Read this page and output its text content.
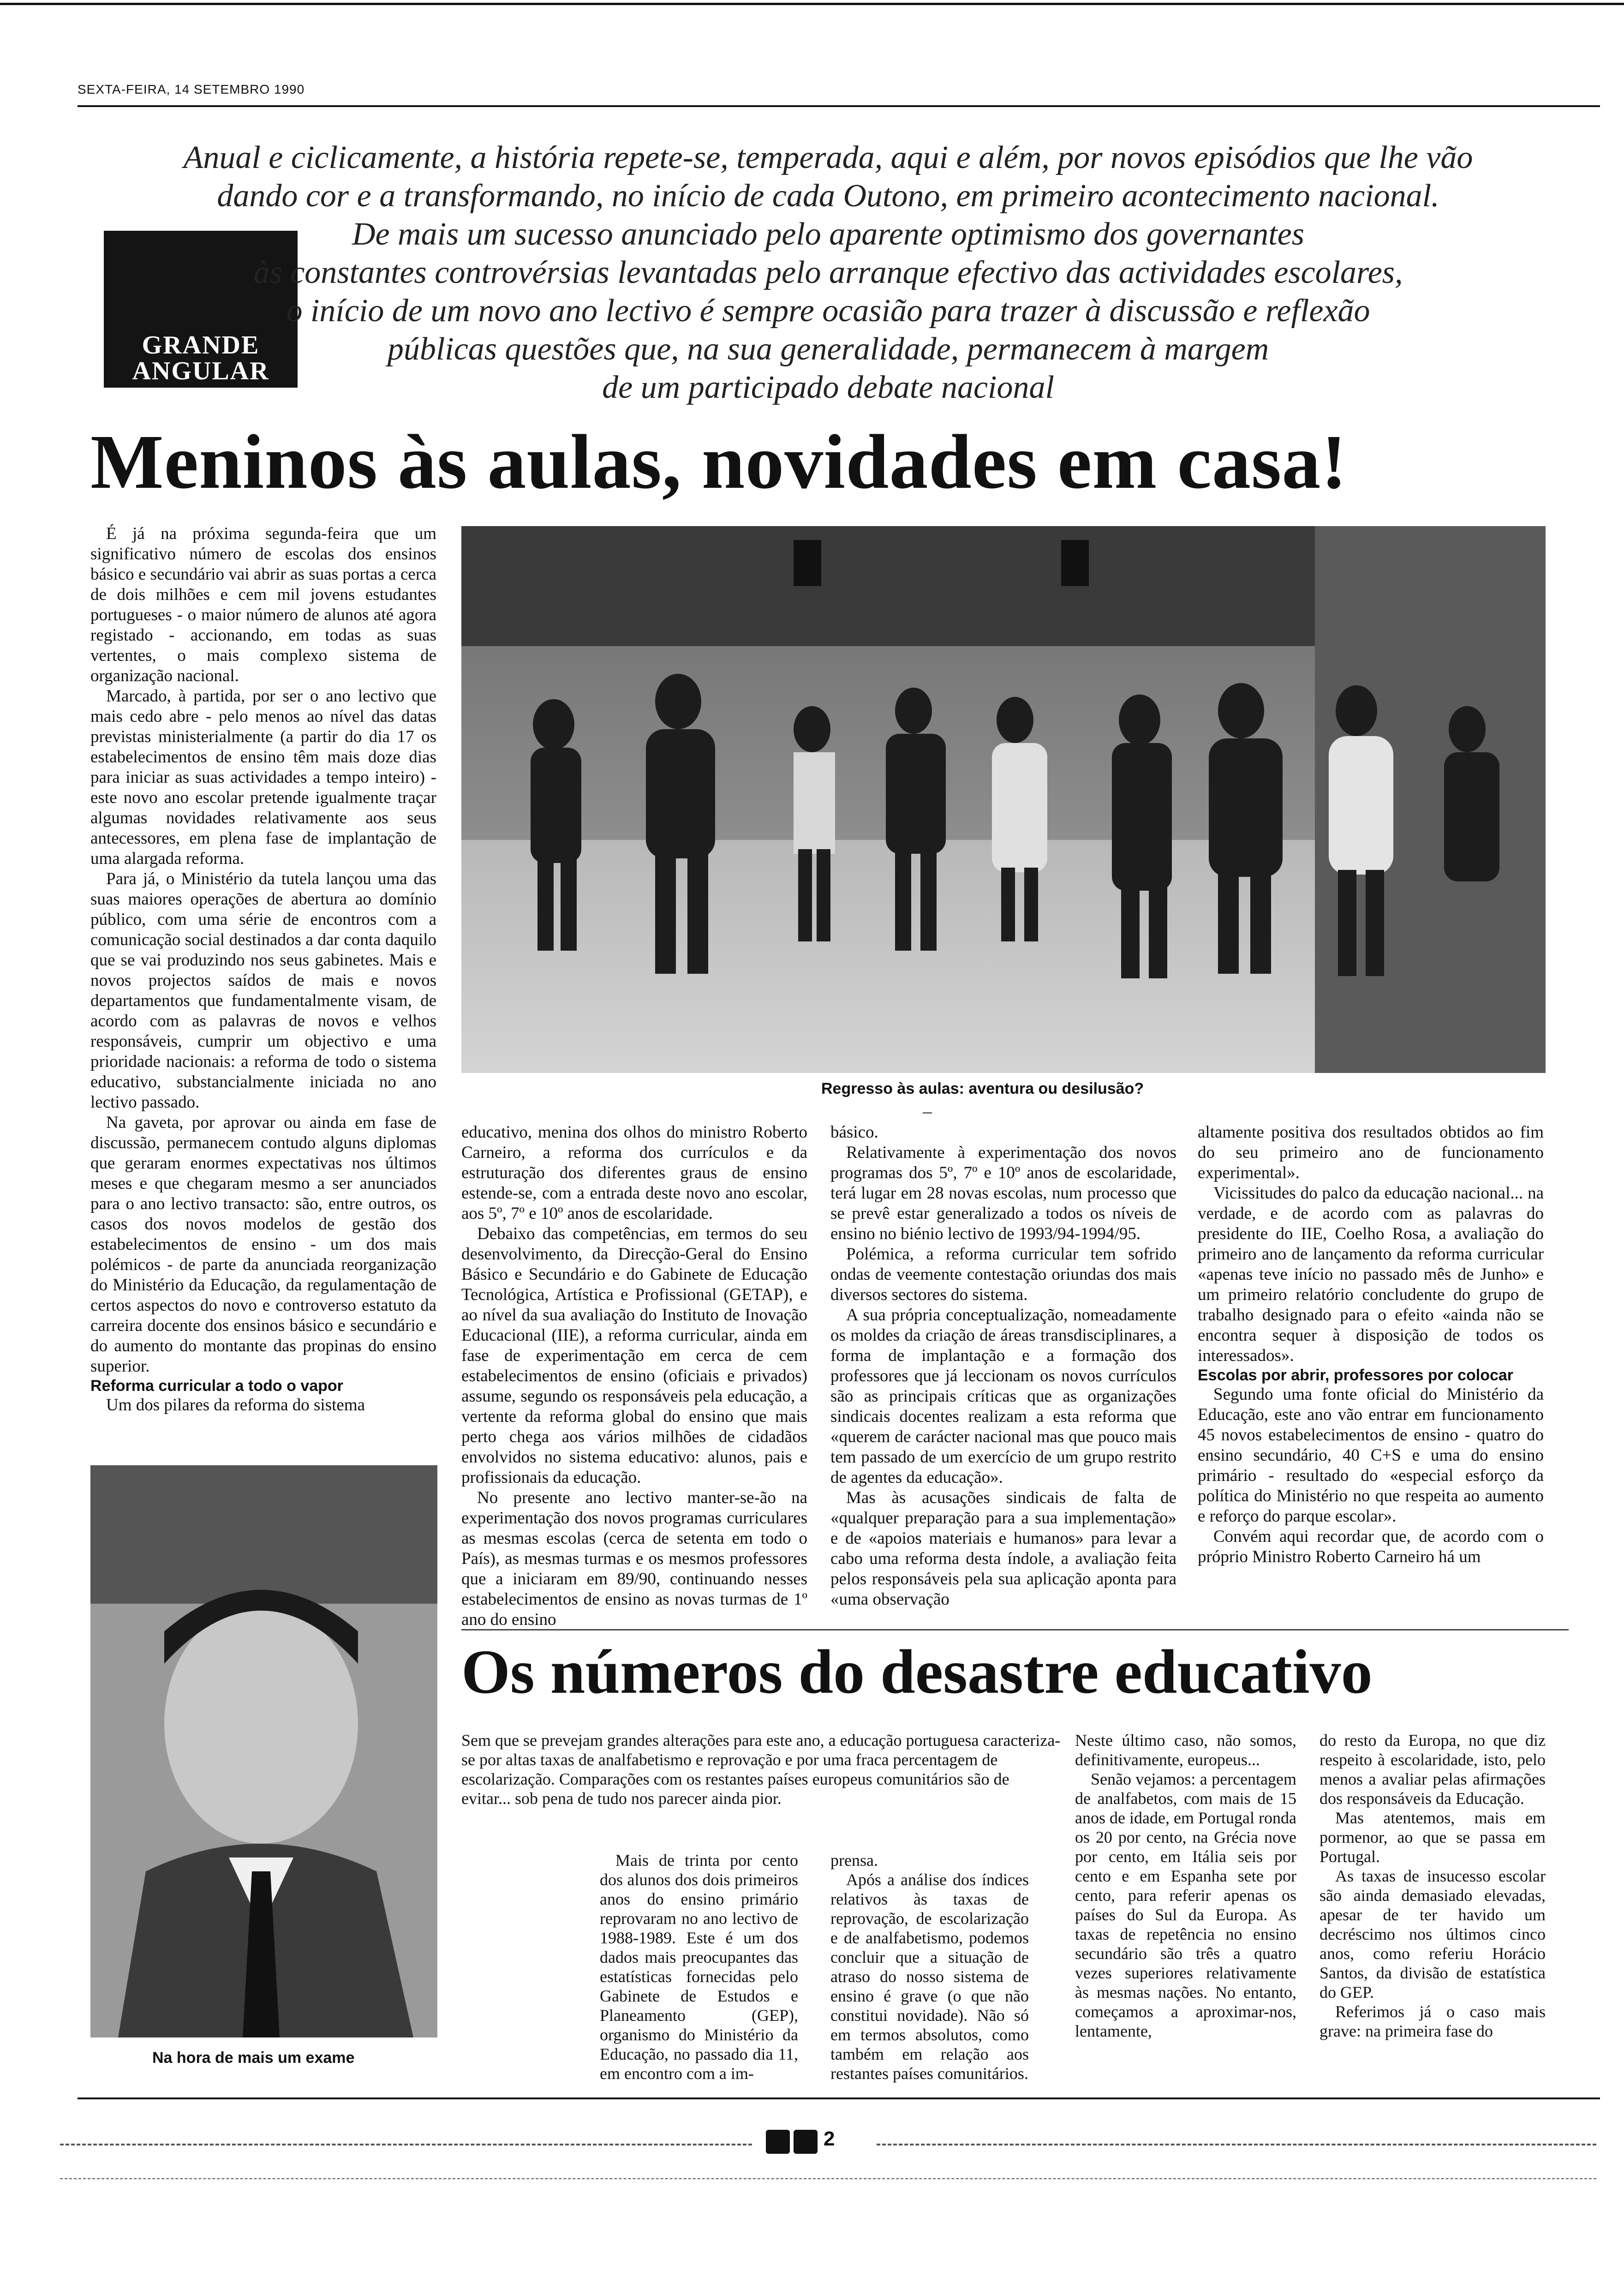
SEXTA-FEIRA, 14 SETEMBRO 1990
GRANDE
ANGULAR
Anual e ciclicamente, a história repete-se, temperada, aqui e além, por novos episódios que lhe vão
dando cor e a transformando, no início de cada Outono, em primeiro acontecimento nacional.
De mais um sucesso anunciado pelo aparente optimismo dos governantes
às constantes controvérsias levantadas pelo arranque efectivo das actividades escolares,
o início de um novo ano lectivo é sempre ocasião para trazer à discussão e reflexão
públicas questões que, na sua generalidade, permanecem à margem
de um participado debate nacional
Meninos às aulas, novidades em casa!
Regresso às aulas: aventura ou desilusão?

É já na próxima segunda-feira que um significativo número de escolas dos ensinos básico e secundário vai abrir as suas portas a cerca de dois milhões e cem mil jovens estudantes portugueses - o maior número de alunos até agora registado - accionando, em todas as suas vertentes, o mais complexo sistema de organização nacional.

Marcado, à partida, por ser o ano lectivo que mais cedo abre - pelo menos ao nível das datas previstas ministerialmente (a partir do dia 17 os estabelecimentos de ensino têm mais doze dias para iniciar as suas actividades a tempo inteiro) - este novo ano escolar pretende igualmente traçar algumas novidades relativamente aos seus antecessores, em plena fase de implantação de uma alargada reforma.

Para já, o Ministério da tutela lançou uma das suas maiores operações de abertura ao domínio público, com uma série de encontros com a comunicação social destinados a dar conta daquilo que se vai produzindo nos seus gabinetes. Mais e novos projectos saídos de mais e novos departamentos que fundamentalmente visam, de acordo com as palavras de novos e velhos responsáveis, cumprir um objectivo e uma prioridade nacionais: a reforma de todo o sistema educativo, substancialmente iniciada no ano lectivo passado.

Na gaveta, por aprovar ou ainda em fase de discussão, permanecem contudo alguns diplomas que geraram enormes expectativas nos últimos meses e que chegaram mesmo a ser anunciados para o ano lectivo transacto: são, entre outros, os casos dos novos modelos de gestão dos estabelecimentos de ensino - um dos mais polémicos - de parte da anunciada reorganização do Ministério da Educação, da regulamentação de certos aspectos do novo e controverso estatuto da carreira docente dos ensinos básico e secundário e do aumento do montante das propinas do ensino superior.

Reforma curricular a todo o vapor

Um dos pilares da reforma do sistema

educativo, menina dos olhos do ministro Roberto Carneiro, a reforma dos currículos e da estruturação dos diferentes graus de ensino estende-se, com a entrada deste novo ano escolar, aos 5º, 7º e 10º anos de escolaridade.

Debaixo das competências, em termos do seu desenvolvimento, da Direcção-Geral do Ensino Básico e Secundário e do Gabinete de Educação Tecnológica, Artística e Profissional (GETAP), e ao nível da sua avaliação do Instituto de Inovação Educacional (IIE), a reforma curricular, ainda em fase de experimentação em cerca de cem estabelecimentos de ensino (oficiais e privados) assume, segundo os responsáveis pela educação, a vertente da reforma global do ensino que mais perto chega aos vários milhões de cidadãos envolvidos no sistema educativo: alunos, pais e profissionais da educação.

No presente ano lectivo manter-se-ão na experimentação dos novos programas curriculares as mesmas escolas (cerca de setenta em todo o País), as mesmas turmas e os mesmos professores que a iniciaram em 89/90, continuando nesses estabelecimentos de ensino as novas turmas de 1º ano do ensino

básico.

Relativamente à experimentação dos novos programas dos 5º, 7º e 10º anos de escolaridade, terá lugar em 28 novas escolas, num processo que se prevê estar generalizado a todos os níveis de ensino no biénio lectivo de 1993/94-1994/95.

Polémica, a reforma curricular tem sofrido ondas de veemente contestação oriundas dos mais diversos sectores do sistema.

A sua própria conceptualização, nomeadamente os moldes da criação de áreas transdisciplinares, a forma de implantação e a formação dos professores que já leccionam os novos currículos são as principais críticas que as organizações sindicais docentes realizam a esta reforma que «querem de carácter nacional mas que pouco mais tem passado de um exercício de um grupo restrito de agentes da educação».

Mas às acusações sindicais de falta de «qualquer preparação para a sua implementação» e de «apoios materiais e humanos» para levar a cabo uma reforma desta índole, a avaliação feita pelos responsáveis pela sua aplicação aponta para «uma observação

altamente positiva dos resultados obtidos ao fim do seu primeiro ano de funcionamento experimental».

Vicissitudes do palco da educação nacional... na verdade, e de acordo com as palavras do presidente do IIE, Coelho Rosa, a avaliação do primeiro ano de lançamento da reforma curricular «apenas teve início no passado mês de Junho» e um primeiro relatório concludente do grupo de trabalho designado para o efeito «ainda não se encontra sequer à disposição de todos os interessados».

Escolas por abrir, professores por colocar

Segundo uma fonte oficial do Ministério da Educação, este ano vão entrar em funcionamento 45 novos estabelecimentos de ensino - quatro do ensino secundário, 40 C+S e uma do ensino primário - resultado do «especial esforço da política do Ministério no que respeita ao aumento e reforço do parque escolar».

Convém aqui recordar que, de acordo com o próprio Ministro Roberto Carneiro há um

Na hora de mais um exame
Os números do desastre educativo
Sem que se prevejam grandes alterações para este ano, a educação portuguesa caracteriza-se por altas taxas de analfabetismo e reprovação e por uma fraca percentagem de escolarização. Comparações com os restantes países europeus comunitários são de evitar... sob pena de tudo nos parecer ainda pior.

Mais de trinta por cento dos alunos dos dois primeiros anos do ensino primário reprovaram no ano lectivo de 1988-1989. Este é um dos dados mais preocupantes das estatísticas fornecidas pelo Gabinete de Estudos e Planeamento (GEP), organismo do Ministério da Educação, no passado dia 11, em encontro com a im-

prensa.

Após a análise dos índices relativos às taxas de reprovação, de escolarização e de analfabetismo, podemos concluir que a situação de atraso do nosso sistema de ensino é grave (o que não constitui novidade). Não só em termos absolutos, como também em relação aos restantes países comunitários.

Neste último caso, não somos, definitivamente, europeus...

Senão vejamos: a percentagem de analfabetos, com mais de 15 anos de idade, em Portugal ronda os 20 por cento, na Grécia nove por cento, em Itália seis por cento e em Espanha sete por cento, para referir apenas os países do Sul da Europa. As taxas de repetência no ensino secundário são três a quatro vezes superiores relativamente às mesmas nações. No entanto, começamos a aproximar-nos, lentamente,

do resto da Europa, no que diz respeito à escolaridade, isto, pelo menos a avaliar pelas afirmações dos responsáveis da Educação.

Mas atentemos, mais em pormenor, ao que se passa em Portugal.

As taxas de insucesso escolar são ainda demasiado elevadas, apesar de ter havido um decréscimo nos últimos cinco anos, como referiu Horácio Santos, da divisão de estatística do GEP.

Referimos já o caso mais grave: na primeira fase do

2
